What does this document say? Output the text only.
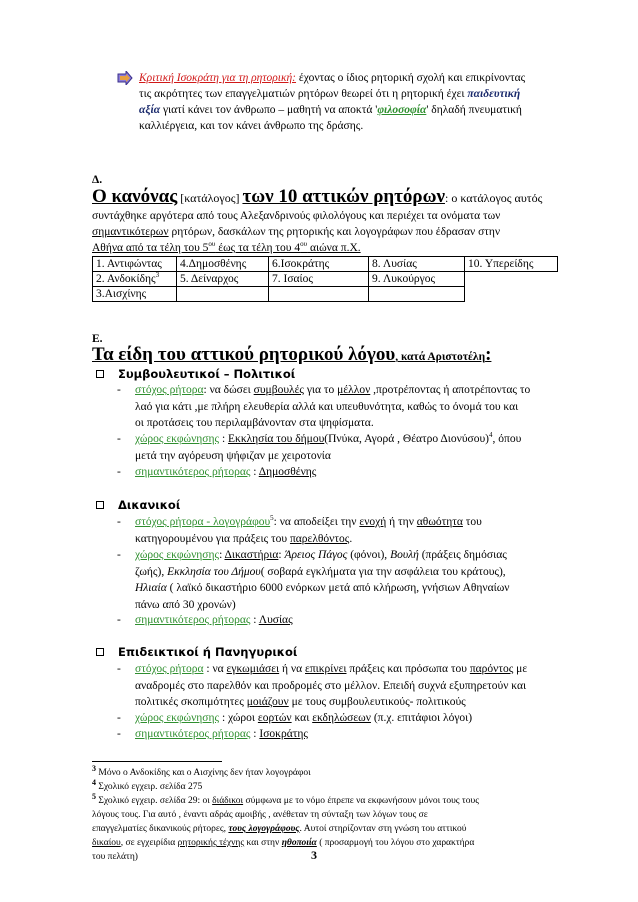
Κριτική Ισοκράτη για τη ρητορική: έχοντας ο ίδιος ρητορική σχολή και επικρίνοντας
τις ακρότητες των επαγγελματιών ρητόρων θεωρεί ότι η ρητορική έχει παιδευτική
αξία γιατί κάνει τον άνθρωπο – μαθητή να αποκτά 'φιλοσοφία' δηλαδή πνευματική
καλλιέργεια, και τον κάνει άνθρωπο της δράσης.
Δ.
Ο κανόνας [κατάλογος] των 10 αττικών ρητόρων: ο κατάλογος αυτός
συντάχθηκε αργότερα από τους Αλεξανδρινούς φιλολόγους και περιέχει τα ονόματα των
σημαντικότερων ρητόρων, δασκάλων της ρητορικής και λογογράφων που έδρασαν στην
Αθήνα από τα τέλη του $5^{o\upsilon}$ έως τα τέλη του $4^{o\upsilon}$ αιώνα π.Χ.
1. Αντιφώντας	4.Δημοσθένης	6.Ισοκράτης	8. Λυσίας	10. Υπερείδης
2. Ανδοκίδης$^3$	5. Δείναρχος	7. Ισαίος	9. Λυκούργος	
3.Αισχίνης				
Ε.
Τα είδη του αττικού ρητορικού λόγου, κατά Αριστοτέλη:
Συμβουλευτικοί – Πολιτικοί
- στόχος ρήτορα: να δώσει συμβουλές για το μέλλον ,προτρέποντας ή αποτρέποντας το
λαό για κάτι ,με πλήρη ελευθερία αλλά και υπευθυνότητα, καθώς το όνομά του και
οι προτάσεις του περιλαμβάνονταν στα ψηφίσματα.
- χώρος εκφώνησης : Εκκλησία του δήμου(Πνύκα, Αγορά , Θέατρο Διονύσου)$^4$, όπου
μετά την αγόρευση ψήφιζαν με χειροτονία
- σημαντικότερος ρήτορας : Δημοσθένης
Δικανικοί
- στόχος ρήτορα - λογογράφου$^5$: να αποδείξει την ενοχή ή την αθωότητα του
κατηγορουμένου για πράξεις του παρελθόντος.
- χώρος εκφώνησης: Δικαστήρια: Άρειος Πάγος (φόνοι), Βουλή (πράξεις δημόσιας
ζωής), Εκκλησία του Δήμου( σοβαρά εγκλήματα για την ασφάλεια του κράτους),
Ηλιαία ( λαϊκό δικαστήριο 6000 ενόρκων μετά από κλήρωση, γνήσιων Αθηναίων
πάνω από 30 χρονών)
- σημαντικότερος ρήτορας : Λυσίας
Επιδεικτικοί ή Πανηγυρικοί
- στόχος ρήτορα : να εγκωμιάσει ή να επικρίνει πράξεις και πρόσωπα του παρόντος με
αναδρομές στο παρελθόν και προδρομές στο μέλλον. Επειδή συχνά εξυπηρετούν και
πολιτικές σκοπιμότητες μοιάζουν με τους συμβουλευτικούς- πολιτικούς
- χώρος εκφώνησης : χώροι εορτών και εκδηλώσεων (π.χ. επιτάφιοι λόγοι)
- σημαντικότερος ρήτορας : Ισοκράτης
$^3$ Μόνο ο Ανδοκίδης και ο Αισχίνης δεν ήταν λογογράφοι
$^4$ Σχολικό εγχειρ. σελίδα 275
$^5$ Σχολικό εγχειρ. σελίδα 29: οι διάδικοι σύμφωνα με το νόμο έπρεπε να εκφωνήσουν μόνοι τους τους
λόγους τους. Για αυτό , έναντι αδράς αμοιβής , ανέθεταν τη σύνταξη των λόγων τους σε
επαγγελματίες δικανικούς ρήτορες, τους λογογράφους. Αυτοί στηρίζονταν στη γνώση του αττικού
δικαίου, σε εγχειρίδια ρητορικής τέχνης και στην ηθοποιία ( προσαρμογή του λόγου στο χαρακτήρα
του πελάτη)	3
